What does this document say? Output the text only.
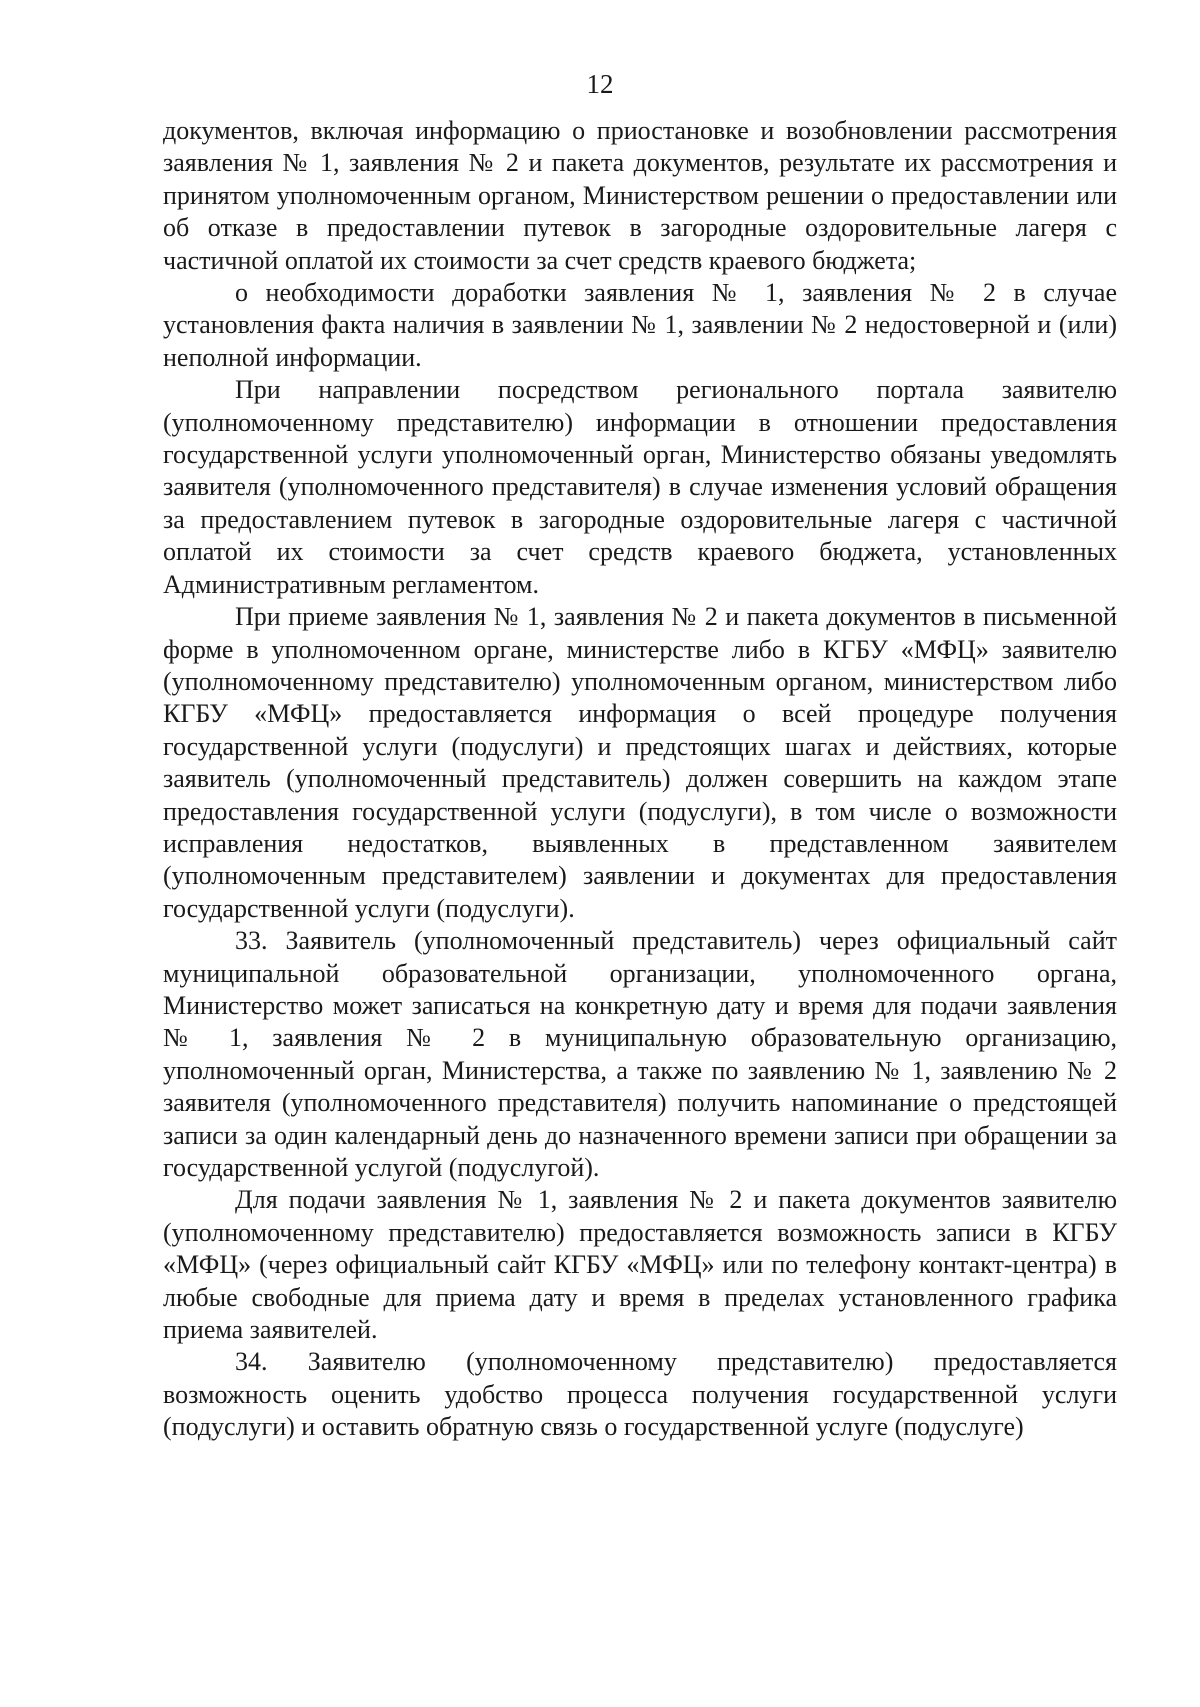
12

документов, включая информацию о приостановке и возобновлении рассмотрения заявления № 1, заявления № 2 и пакета документов, результате их рассмотрения и принятом уполномоченным органом, Министерством решении о предоставлении или об отказе в предоставлении путевок в загородные оздоровительные лагеря с частичной оплатой их стоимости за счет средств краевого бюджета;

о необходимости доработки заявления № 1, заявления № 2 в случае установления факта наличия в заявлении № 1, заявлении № 2 недостоверной и (или) неполной информации.

При направлении посредством регионального портала заявителю (уполномоченному представителю) информации в отношении предоставления государственной услуги уполномоченный орган, Министерство обязаны уведомлять заявителя (уполномоченного представителя) в случае изменения условий обращения за предоставлением путевок в загородные оздоровительные лагеря с частичной оплатой их стоимости за счет средств краевого бюджета, установленных Административным регламентом.

При приеме заявления № 1, заявления № 2 и пакета документов в письменной форме в уполномоченном органе, министерстве либо в КГБУ «МФЦ» заявителю (уполномоченному представителю) уполномоченным органом, министерством либо КГБУ «МФЦ» предоставляется информация о всей процедуре получения государственной услуги (подуслуги) и предстоящих шагах и действиях, которые заявитель (уполномоченный представитель) должен совершить на каждом этапе предоставления государственной услуги (подуслуги), в том числе о возможности исправления недостатков, выявленных в представленном заявителем (уполномоченным представителем) заявлении и документах для предоставления государственной услуги (подуслуги).

33. Заявитель (уполномоченный представитель) через официальный сайт муниципальной образовательной организации, уполномоченного органа, Министерство может записаться на конкретную дату и время для подачи заявления № 1, заявления № 2 в муниципальную образовательную организацию, уполномоченный орган, Министерства, а также по заявлению № 1, заявлению № 2 заявителя (уполномоченного представителя) получить напоминание о предстоящей записи за один календарный день до назначенного времени записи при обращении за государственной услугой (подуслугой).

Для подачи заявления № 1, заявления № 2 и пакета документов заявителю (уполномоченному представителю) предоставляется возможность записи в КГБУ «МФЦ» (через официальный сайт КГБУ «МФЦ» или по телефону контакт-центра) в любые свободные для приема дату и время в пределах установленного графика приема заявителей.

34. Заявителю (уполномоченному представителю) предоставляется возможность оценить удобство процесса получения государственной услуги (подуслуги) и оставить обратную связь о государственной услуге (подуслуге)
